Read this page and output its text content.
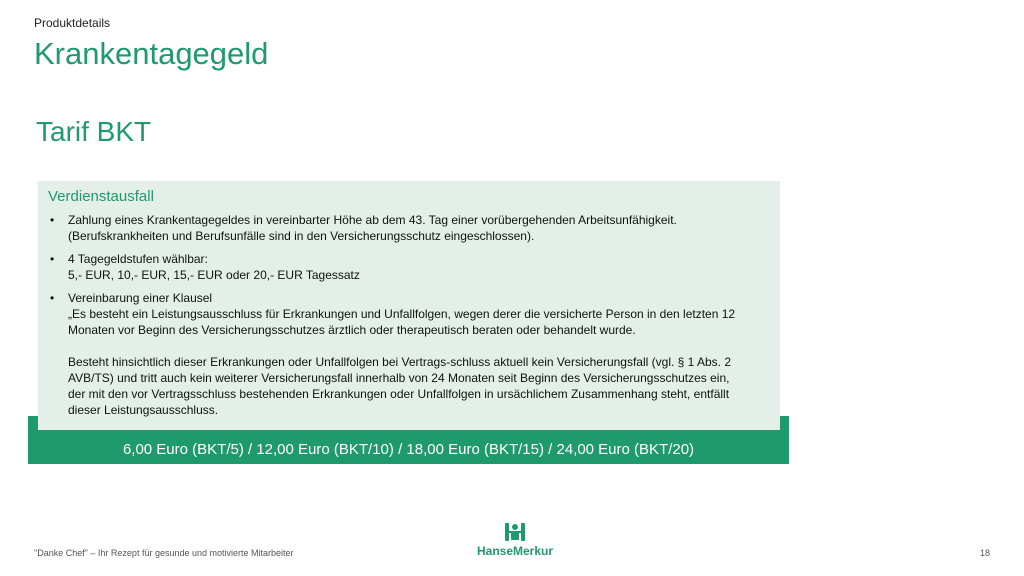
Produktdetails
Krankentagegeld
Tarif BKT
Verdienstausfall
• Zahlung eines Krankentagegeldes in vereinbarter Höhe ab dem 43. Tag einer vorübergehenden Arbeitsunfähigkeit.
(Berufskrankheiten und Berufsunfälle sind in den Versicherungsschutz eingeschlossen).
• 4 Tagegeldstufen wählbar:
5,- EUR, 10,- EUR, 15,- EUR oder 20,- EUR Tagessatz
• Vereinbarung einer Klausel
„Es besteht ein Leistungsausschluss für Erkrankungen und Unfallfolgen, wegen derer die versicherte Person in den letzten 12
Monaten vor Beginn des Versicherungsschutzes ärztlich oder therapeutisch beraten oder behandelt wurde.
Besteht hinsichtlich dieser Erkrankungen oder Unfallfolgen bei Vertrags-schluss aktuell kein Versicherungsfall (vgl. § 1 Abs. 2
AVB/TS) und tritt auch kein weiterer Versicherungsfall innerhalb von 24 Monaten seit Beginn des Versicherungsschutzes ein,
der mit den vor Vertragsschluss bestehenden Erkrankungen oder Unfallfolgen in ursächlichem Zusammenhang steht, entfällt
dieser Leistungsausschluss.
6,00 Euro (BKT/5) / 12,00 Euro (BKT/10) / 18,00 Euro (BKT/15) / 24,00 Euro (BKT/20)
"Danke Chef" – Ihr Rezept für gesunde und motivierte Mitarbeiter	HanseMerkur	18
